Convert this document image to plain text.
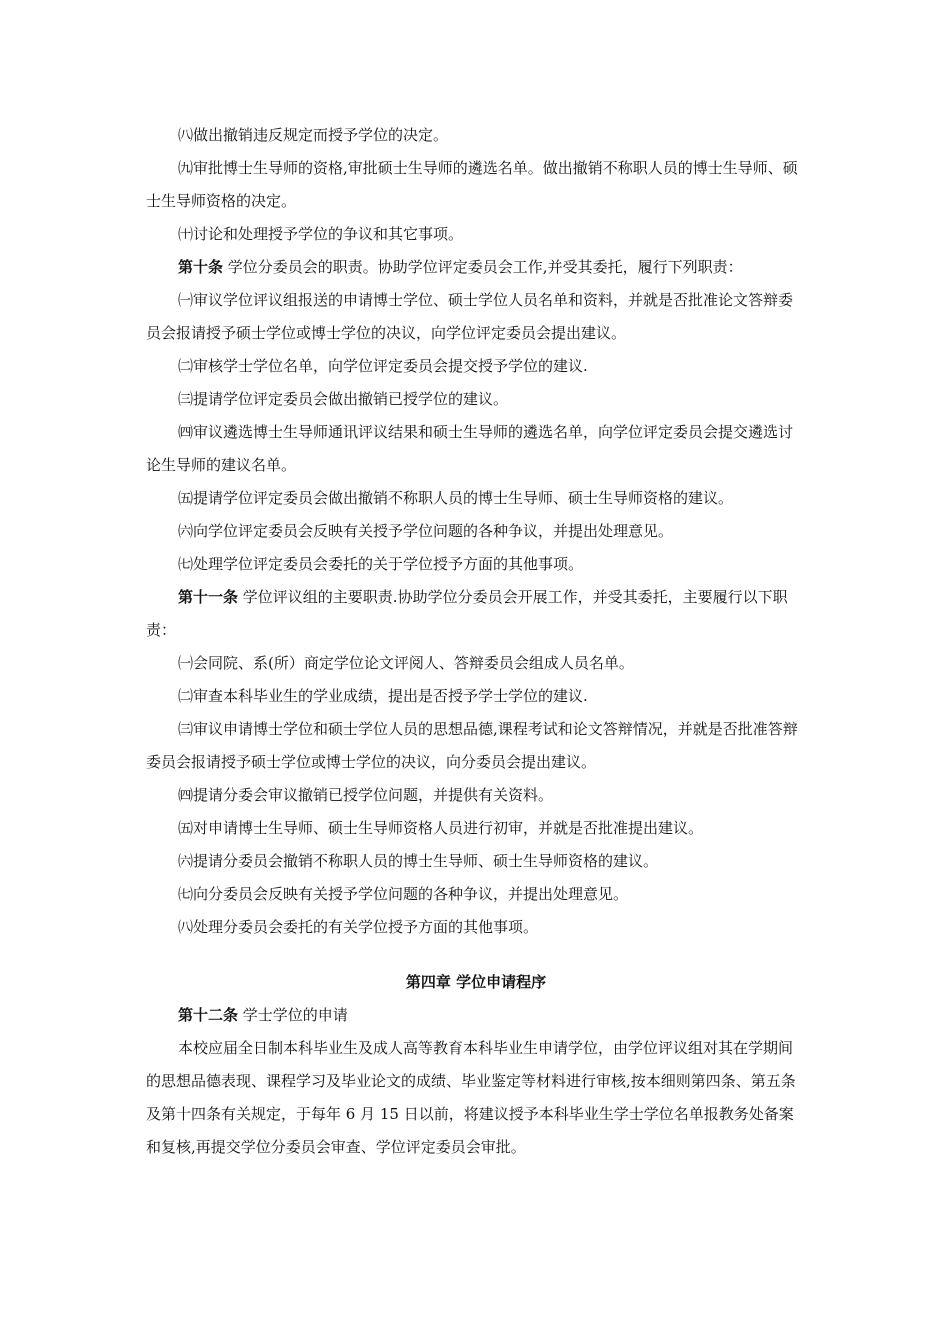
㈧做出撤销违反规定而授予学位的决定。

㈨审批博士生导师的资格,审批硕士生导师的遴选名单。做出撤销不称职人员的博士生导师、硕士生导师资格的决定。

㈩讨论和处理授予学位的争议和其它事项。

第十条 学位分委员会的职责。协助学位评定委员会工作,并受其委托，履行下列职责：

㈠审议学位评议组报送的申请博士学位、硕士学位人员名单和资料，并就是否批准论文答辩委员会报请授予硕士学位或博士学位的决议，向学位评定委员会提出建议。

㈡审核学士学位名单，向学位评定委员会提交授予学位的建议.

㈢提请学位评定委员会做出撤销已授学位的建议。

㈣审议遴选博士生导师通讯评议结果和硕士生导师的遴选名单，向学位评定委员会提交遴选讨论生导师的建议名单。

㈤提请学位评定委员会做出撤销不称职人员的博士生导师、硕士生导师资格的建议。

㈥向学位评定委员会反映有关授予学位问题的各种争议，并提出处理意见。

㈦处理学位评定委员会委托的关于学位授予方面的其他事项。

第十一条 学位评议组的主要职责.协助学位分委员会开展工作，并受其委托，主要履行以下职责：

㈠会同院、系(所）商定学位论文评阅人、答辩委员会组成人员名单。

㈡审查本科毕业生的学业成绩，提出是否授予学士学位的建议.

㈢审议申请博士学位和硕士学位人员的思想品德,课程考试和论文答辩情况，并就是否批准答辩委员会报请授予硕士学位或博士学位的决议，向分委员会提出建议。

㈣提请分委会审议撤销已授学位问题，并提供有关资料。

㈤对申请博士生导师、硕士生导师资格人员进行初审，并就是否批准提出建议。

㈥提请分委员会撤销不称职人员的博士生导师、硕士生导师资格的建议。

㈦向分委员会反映有关授予学位问题的各种争议，并提出处理意见。

㈧处理分委员会委托的有关学位授予方面的其他事项。

第四章 学位申请程序

第十二条 学士学位的申请

本校应届全日制本科毕业生及成人高等教育本科毕业生申请学位，由学位评议组对其在学期间的思想品德表现、课程学习及毕业论文的成绩、毕业鉴定等材料进行审核,按本细则第四条、第五条及第十四条有关规定，于每年 6 月 15 日以前，将建议授予本科毕业生学士学位名单报教务处备案和复核,再提交学位分委员会审查、学位评定委员会审批。
